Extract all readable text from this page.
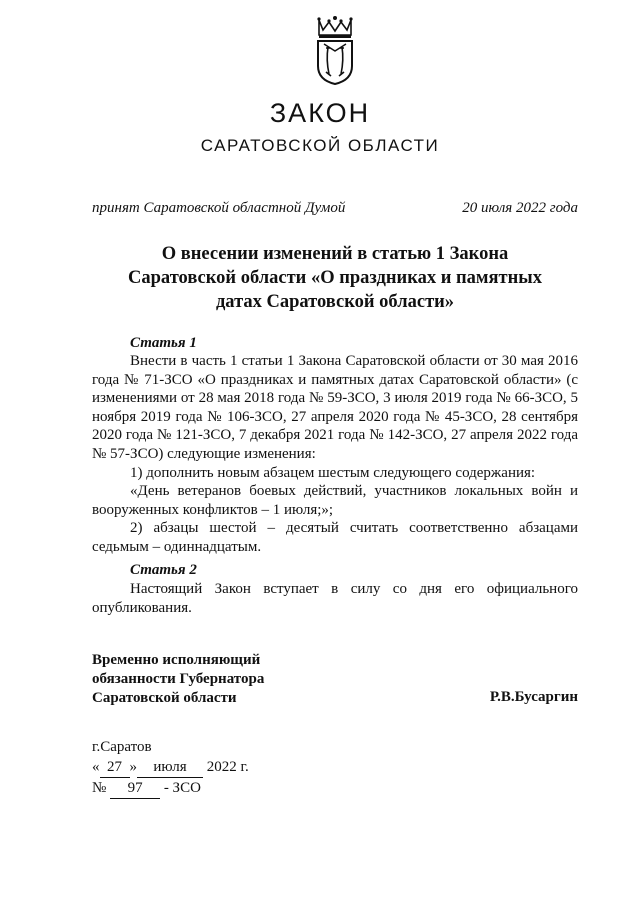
ЗАКОН
САРАТОВСКОЙ ОБЛАСТИ
принят Саратовской областной Думой	20 июля 2022 года
О внесении изменений в статью 1 Закона
Саратовской области «О праздниках и памятных
датах Саратовской области»
Статья 1

Внести в часть 1 статьи 1 Закона Саратовской области от 30 мая 2016 года № 71-ЗСО «О праздниках и памятных датах Саратовской области» (с изменениями от 28 мая 2018 года № 59-ЗСО, 3 июля 2019 года № 66-ЗСО, 5 ноября 2019 года № 106-ЗСО, 27 апреля 2020 года № 45-ЗСО, 28 сентября 2020 года № 121-ЗСО, 7 декабря 2021 года № 142-ЗСО, 27 апреля 2022 года № 57-ЗСО) следующие изменения:

1) дополнить новым абзацем шестым следующего содержания:

«День ветеранов боевых действий, участников локальных войн и вооруженных конфликтов – 1 июля;»;

2) абзацы шестой – десятый считать соответственно абзацами седьмым – одиннадцатым.

Статья 2

Настоящий Закон вступает в силу со дня его официального опубликования.

Временно исполняющий
обязанности Губернатора
Саратовской области	Р.В.Бусаргин
г.Саратов
« 27 » июля 2022 г.
№ 97 - ЗСО
